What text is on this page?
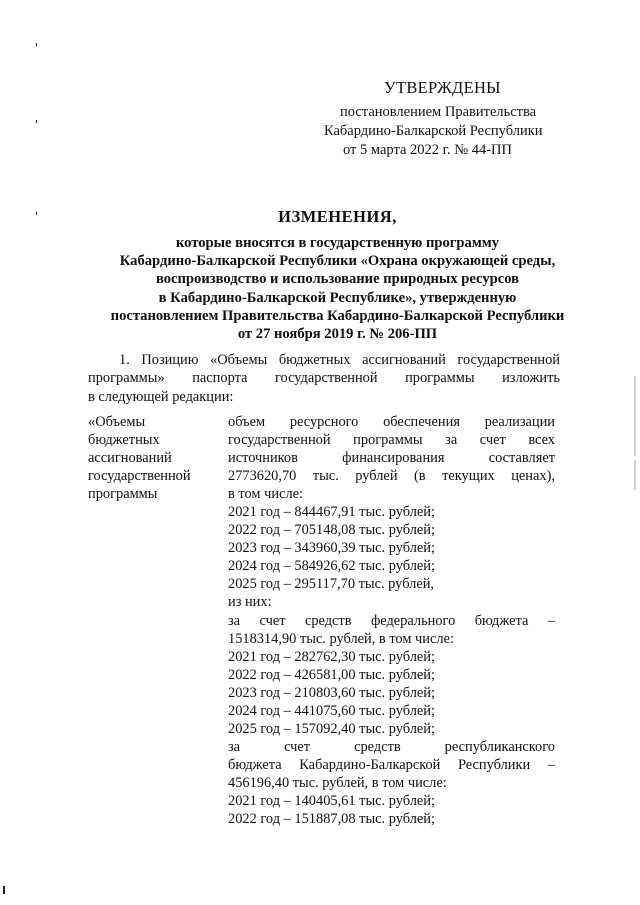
УТВЕРЖДЕНЫ
постановлением Правительства
Кабардино-Балкарской Республики
от 5 марта 2022 г. № 44-ПП
ИЗМЕНЕНИЯ,
которые вносятся в государственную программу
Кабардино-Балкарской Республики «Охрана окружающей среды,
воспроизводство и использование природных ресурсов
в Кабардино-Балкарской Республике», утвержденную
постановлением Правительства Кабардино-Балкарской Республики
от 27 ноября 2019 г. № 206-ПП
1. Позицию «Объемы бюджетных ассигнований государственной
программы» паспорта государственной программы изложить
в следующей редакции:
«Объемы
бюджетных
ассигнований
государственной
программы
объем ресурсного обеспечения реализации
государственной программы за счет всех
источников финансирования составляет
2773620,70 тыс. рублей (в текущих ценах),
в том числе:
2021 год – 844467,91 тыс. рублей;
2022 год – 705148,08 тыс. рублей;
2023 год – 343960,39 тыс. рублей;
2024 год – 584926,62 тыс. рублей;
2025 год – 295117,70 тыс. рублей,
из них:
за счет средств федерального бюджета –
1518314,90 тыс. рублей, в том числе:
2021 год – 282762,30 тыс. рублей;
2022 год – 426581,00 тыс. рублей;
2023 год – 210803,60 тыс. рублей;
2024 год – 441075,60 тыс. рублей;
2025 год – 157092,40 тыс. рублей;
за счет средств республиканского
бюджета Кабардино-Балкарской Республики –
456196,40 тыс. рублей, в том числе:
2021 год – 140405,61 тыс. рублей;
2022 год – 151887,08 тыс. рублей;
